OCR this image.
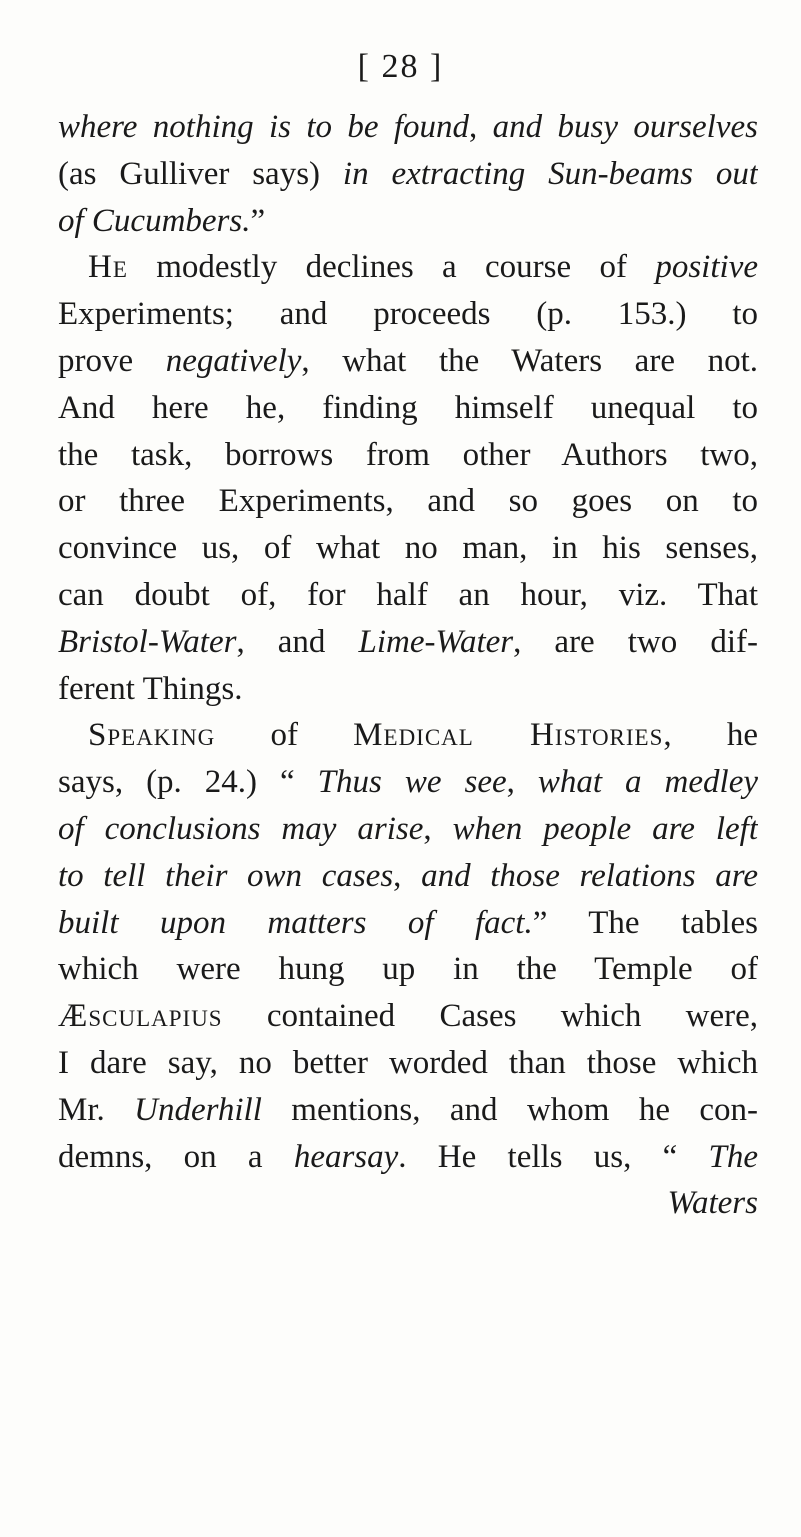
[ 28 ]
where nothing is to be found, and busy ourselves
(as Gulliver says) in extracting Sun-beams out
of Cucumbers.”
He modestly declines a course of positive
Experiments; and proceeds (p. 153.) to
prove negatively, what the Waters are not.
And here he, finding himself unequal to
the task, borrows from other Authors two,
or three Experiments, and so goes on to
convince us, of what no man, in his senses,
can doubt of, for half an hour, viz. That
Bristol-Water, and Lime-Water, are two dif-
ferent Things.
Speaking of Medical Histories, he
says, (p. 24.) “ Thus we see, what a medley
of conclusions may arise, when people are left
to tell their own cases, and those relations are
built upon matters of fact.” The tables
which were hung up in the Temple of
Æsculapius contained Cases which were,
I dare say, no better worded than those which
Mr. Underhill mentions, and whom he con-
demns, on a hearsay. He tells us, “ The
Waters
